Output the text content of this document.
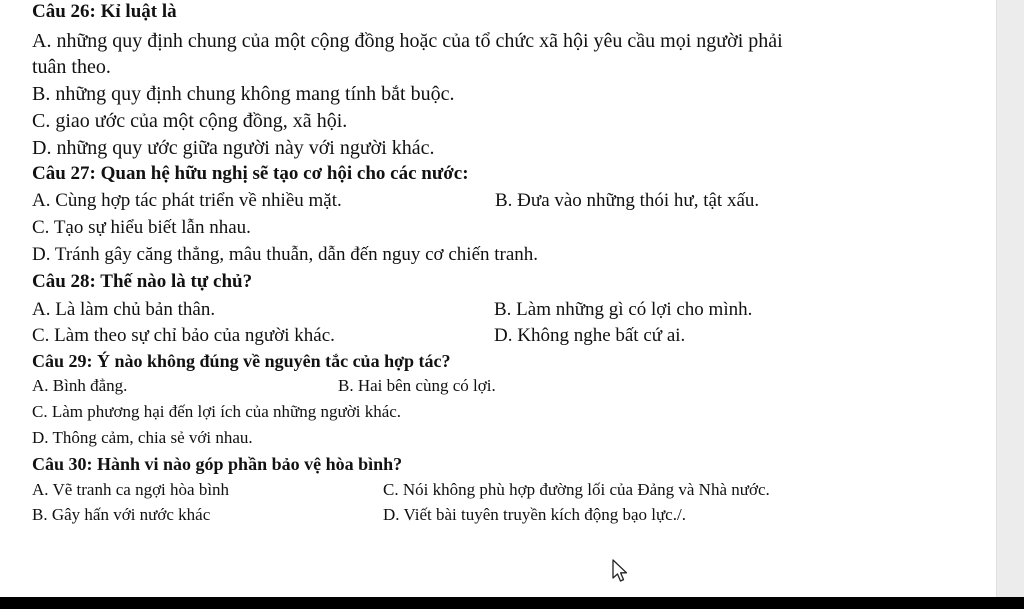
Câu 26: Kỉ luật là
A. những quy định chung của một cộng đồng hoặc của tổ chức xã hội yêu cầu mọi người phải
tuân theo.
B. những quy định chung không mang tính bắt buộc.
C. giao ước của một cộng đồng, xã hội.
D. những quy ước giữa người này với người khác.
Câu 27: Quan hệ hữu nghị sẽ tạo cơ hội cho các nước:
A. Cùng hợp tác phát triển về nhiều mặt.	B. Đưa vào những thói hư, tật xấu.
C. Tạo sự hiểu biết lẫn nhau.
D. Tránh gây căng thẳng, mâu thuẫn, dẫn đến nguy cơ chiến tranh.
Câu 28: Thế nào là tự chủ?
A. Là làm chủ bản thân.	B. Làm những gì có lợi cho mình.
C. Làm theo sự chỉ bảo của người khác.	D. Không nghe bất cứ ai.
Câu 29: Ý nào không đúng về nguyên tắc của hợp tác?
A. Bình đẳng.	B. Hai bên cùng có lợi.
C. Làm phương hại đến lợi ích của những người khác.
D. Thông cảm, chia sẻ với nhau.
Câu 30: Hành vi nào góp phần bảo vệ hòa bình?
A. Vẽ tranh ca ngợi hòa bình	C. Nói không phù hợp đường lối của Đảng và Nhà nước.
B. Gây hấn với nước khác	D. Viết bài tuyên truyền kích động bạo lực./.
